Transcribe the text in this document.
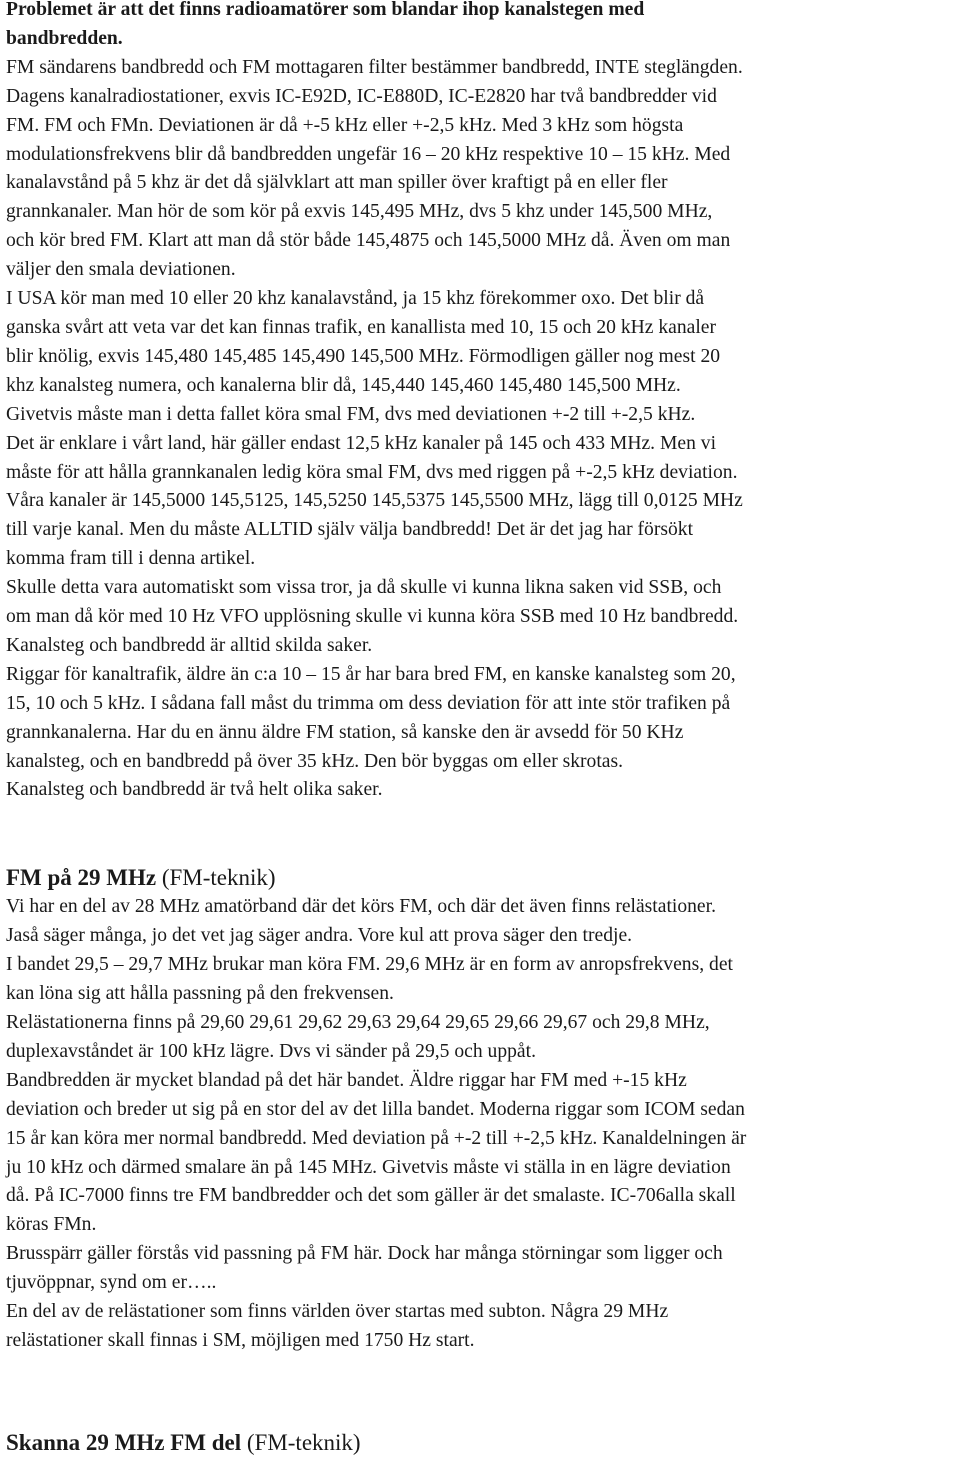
Problemet är att det finns radioamatörer som blandar ihop kanalstegen med
bandbredden.
FM sändarens bandbredd och FM mottagaren filter bestämmer bandbredd, INTE steglängden.
Dagens kanalradiostationer, exvis IC-E92D, IC-E880D, IC-E2820 har två bandbredder vid
FM. FM och FMn. Deviationen är då +-5 kHz eller +-2,5 kHz. Med 3 kHz som högsta
modulationsfrekvens blir då bandbredden ungefär 16 – 20 kHz respektive 10 – 15 kHz. Med
kanalavstånd på 5 khz är det då självklart att man spiller över kraftigt på en eller fler
grannkanaler. Man hör de som kör på exvis 145,495 MHz, dvs 5 khz under 145,500 MHz,
och kör bred FM. Klart att man då stör både 145,4875 och 145,5000 MHz då. Även om man
väljer den smala deviationen.
I USA kör man med 10 eller 20 khz kanalavstånd, ja 15 khz förekommer oxo. Det blir då
ganska svårt att veta var det kan finnas trafik, en kanallista med 10, 15 och 20 kHz kanaler
blir knölig, exvis 145,480 145,485 145,490 145,500 MHz. Förmodligen gäller nog mest 20
khz kanalsteg numera, och kanalerna blir då, 145,440 145,460 145,480 145,500 MHz.
Givetvis måste man i detta fallet köra smal FM, dvs med deviationen +-2 till +-2,5 kHz.
Det är enklare i vårt land, här gäller endast 12,5 kHz kanaler på 145 och 433 MHz. Men vi
måste för att hålla grannkanalen ledig köra smal FM, dvs med riggen på +-2,5 kHz deviation.
Våra kanaler är 145,5000 145,5125, 145,5250 145,5375 145,5500 MHz, lägg till 0,0125 MHz
till varje kanal. Men du måste ALLTID själv välja bandbredd! Det är det jag har försökt
komma fram till i denna artikel.
Skulle detta vara automatiskt som vissa tror, ja då skulle vi kunna likna saken vid SSB, och
om man då kör med 10 Hz VFO upplösning skulle vi kunna köra SSB med 10 Hz bandbredd.
Kanalsteg och bandbredd är alltid skilda saker.
Riggar för kanaltrafik, äldre än c:a 10 – 15 år har bara bred FM, en kanske kanalsteg som 20,
15, 10 och 5 kHz. I sådana fall måst du trimma om dess deviation för att inte stör trafiken på
grannkanalerna. Har du en ännu äldre FM station, så kanske den är avsedd för 50 KHz
kanalsteg, och en bandbredd på över 35 kHz. Den bör byggas om eller skrotas.
Kanalsteg och bandbredd är två helt olika saker.
FM på 29 MHz (FM-teknik)
Vi har en del av 28 MHz amatörband där det körs FM, och där det även finns relästationer.
Jaså säger många, jo det vet jag säger andra. Vore kul att prova säger den tredje.
I bandet 29,5 – 29,7 MHz brukar man köra FM. 29,6 MHz är en form av anropsfrekvens, det
kan löna sig att hålla passning på den frekvensen.
Relästationerna finns på 29,60 29,61 29,62 29,63 29,64 29,65 29,66 29,67 och 29,8 MHz,
duplexavståndet är 100 kHz lägre. Dvs vi sänder på 29,5 och uppåt.
Bandbredden är mycket blandad på det här bandet. Äldre riggar har FM med +-15 kHz
deviation och breder ut sig på en stor del av det lilla bandet. Moderna riggar som ICOM sedan
15 år kan köra mer normal bandbredd. Med deviation på +-2 till +-2,5 kHz. Kanaldelningen är
ju 10 kHz och därmed smalare än på 145 MHz. Givetvis måste vi ställa in en lägre deviation
då. På IC-7000 finns tre FM bandbredder och det som gäller är det smalaste. IC-706alla skall
köras FMn.
Brusspärr gäller förstås vid passning på FM här. Dock har många störningar som ligger och
tjuvöppnar, synd om er…..
En del av de relästationer som finns världen över startas med subton. Några 29 MHz
relästationer skall finnas i SM, möjligen med 1750 Hz start.
Skanna 29 MHz FM del (FM-teknik)
